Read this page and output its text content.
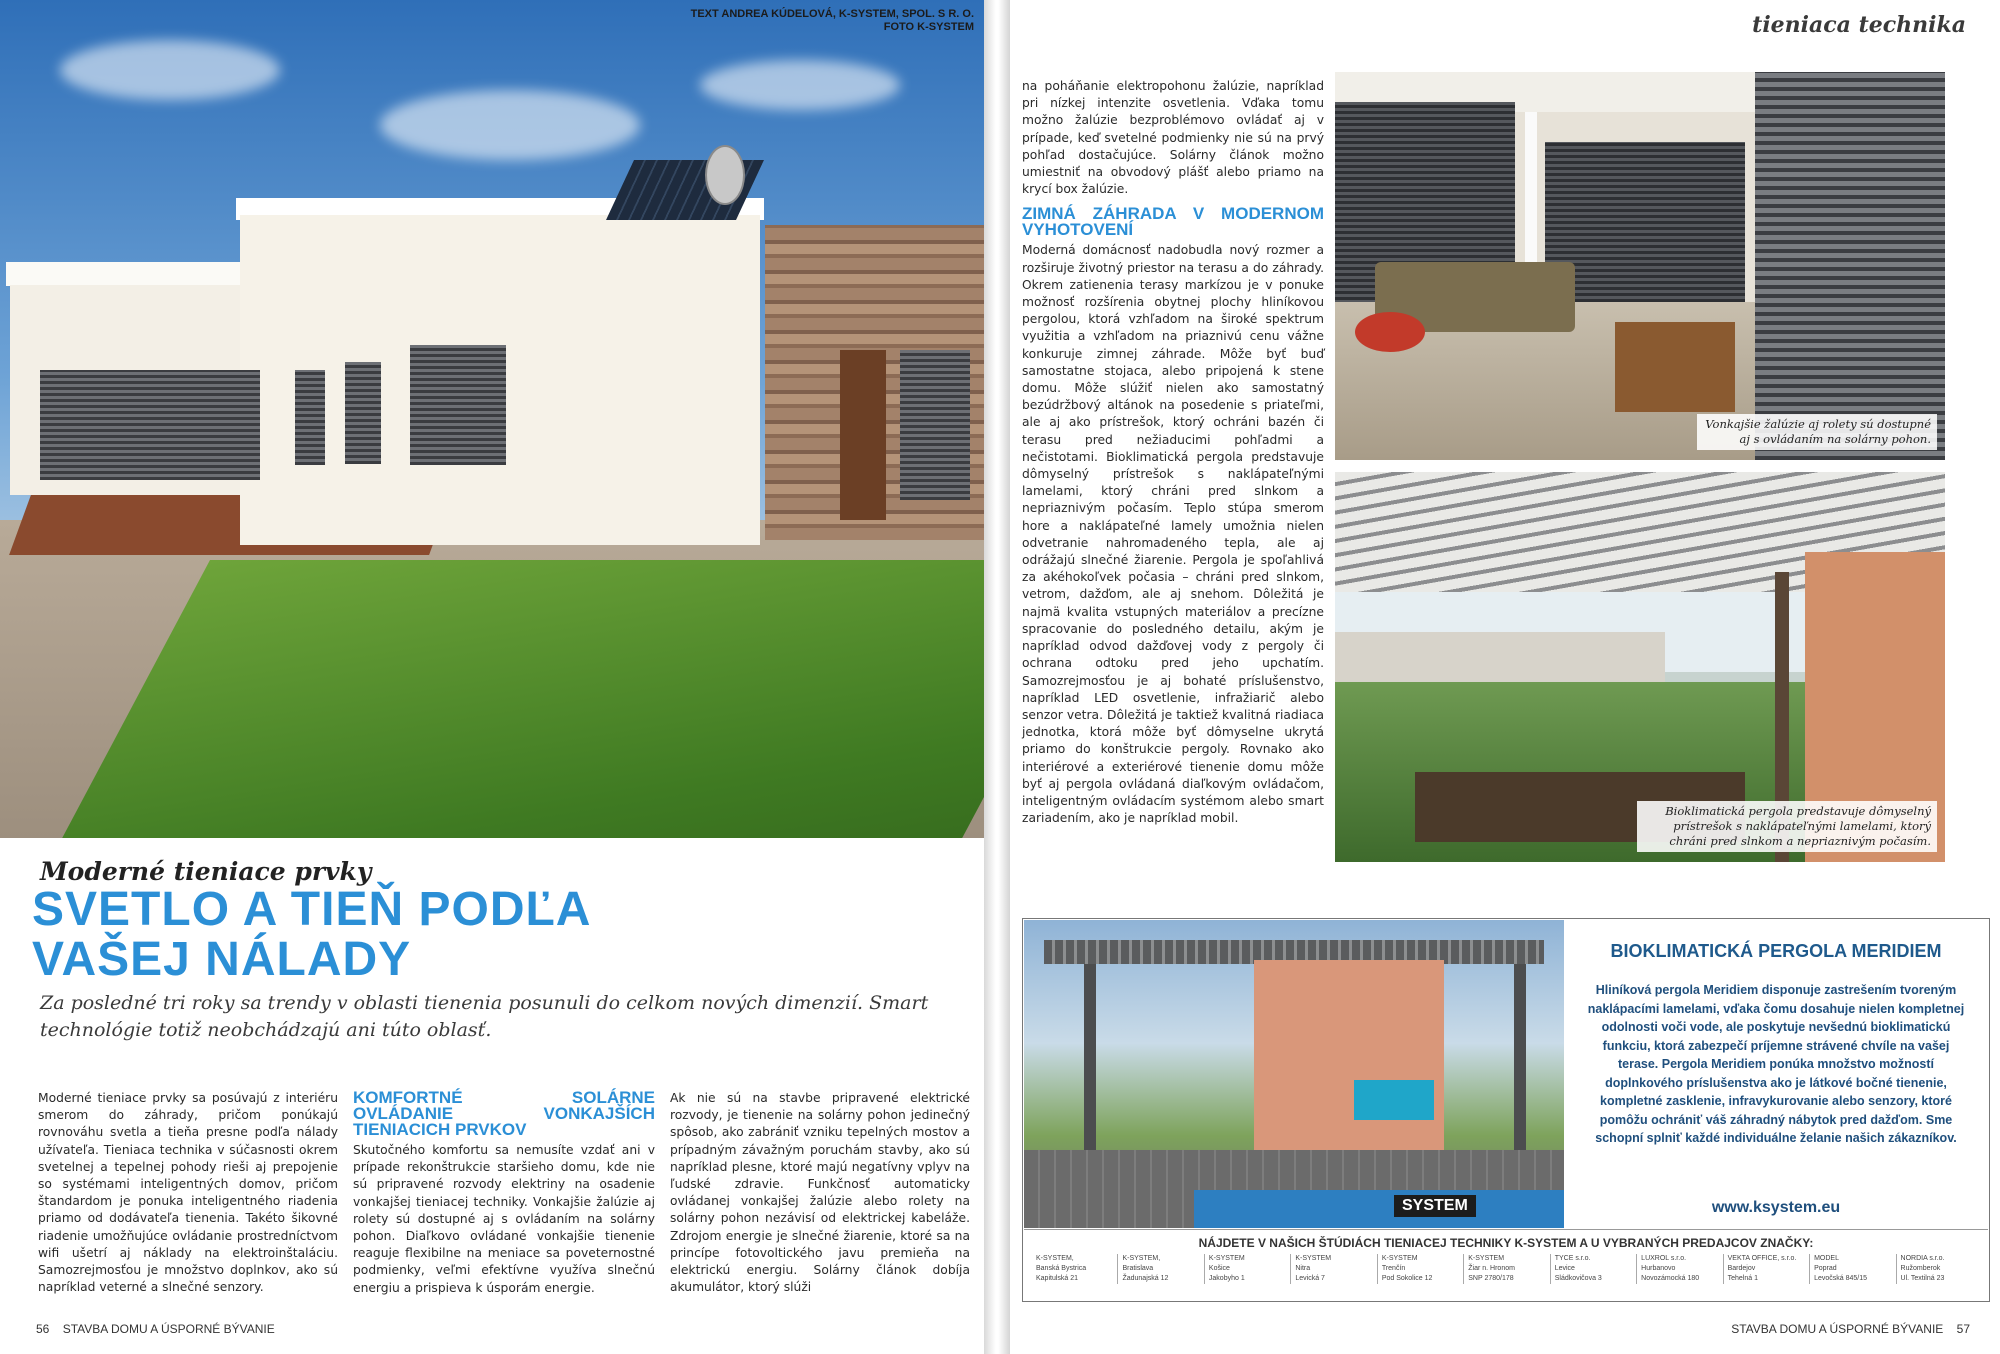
TEXT ANDREA KÚDELOVÁ, K-SYSTEM, SPOL. S R. O.
FOTO K-SYSTEM
Moderné tieniace prvky
SVETLO A TIEŇ PODĽA
VAŠEJ NÁLADY
Za posledné tri roky sa trendy v oblasti tienenia posunuli do celkom nových dimenzií. Smart technológie totiž neobchádzajú ani túto oblasť.

Moderné tieniace prvky sa posúvajú z interiéru smerom do záhrady, pričom ponúkajú rovnováhu svetla a tieňa presne podľa nálady užívateľa. Tieniaca technika v súčasnosti okrem svetelnej a tepelnej pohody rieši aj prepojenie so systémami inteligentných domov, pričom štandardom je ponuka inteligentného riadenia priamo od dodávateľa tienenia. Takéto šikovné riadenie umožňujúce ovládanie prostredníctvom wifi ušetrí aj náklady na elektroinštaláciu. Samozrejmosťou je množstvo doplnkov, ako sú napríklad veterné a slnečné senzory.

KOMFORTNÉ SOLÁRNE OVLÁDANIE VONKAJŠÍCH TIENIACICH PRVKOV

Skutočného komfortu sa nemusíte vzdať ani v prípade rekonštrukcie staršieho domu, kde nie sú pripravené rozvody elektriny na osadenie vonkajšej tieniacej techniky. Vonkajšie žalúzie aj rolety sú dostupné aj s ovládaním na solárny pohon. Diaľkovo ovládané vonkajšie tienenie reaguje flexibilne na meniace sa poveternostné podmienky, veľmi efektívne využíva slnečnú energiu a prispieva k úsporám energie.

Ak nie sú na stavbe pripravené elektrické rozvody, je tienenie na solárny pohon jedinečný spôsob, ako zabrániť vzniku tepelných mostov a prípadným závažným poruchám stavby, ako sú napríklad plesne, ktoré majú negatívny vplyv na ľudské zdravie. Funkčnosť automaticky ovládanej vonkajšej žalúzie alebo rolety na solárny pohon nezávisí od elektrickej kabeláže. Zdrojom energie je slnečné žiarenie, ktoré sa na princípe fotovoltického javu premieňa na elektrickú energiu. Solárny článok dobíja akumulátor, ktorý slúži

56 STAVBA DOMU A ÚSPORNÉ BÝVANIE
tieniaca technika

na poháňanie elektropohonu žalúzie, napríklad pri nízkej intenzite osvetlenia. Vďaka tomu možno žalúzie bezproblémovo ovládať aj v prípade, keď svetelné podmienky nie sú na prvý pohľad dostačujúce. Solárny článok možno umiestniť na obvodový plášť alebo priamo na krycí box žalúzie.

ZIMNÁ ZÁHRADA V MODERNOM VYHOTOVENÍ

Moderná domácnosť nadobudla nový rozmer a rozširuje životný priestor na terasu a do záhrady. Okrem zatienenia terasy markízou je v ponuke možnosť rozšírenia obytnej plochy hliníkovou pergolou, ktorá vzhľadom na široké spektrum využitia a vzhľadom na priaznivú cenu vážne konkuruje zimnej záhrade. Môže byť buď samostatne stojaca, alebo pripojená k stene domu. Môže slúžiť nielen ako samostatný bezúdržbový altánok na posedenie s priateľmi, ale aj ako prístrešok, ktorý ochráni bazén či terasu pred nežiaducimi pohľadmi a nečistotami. Bioklimatická pergola predstavuje dômyselný prístrešok s naklápateľnými lamelami, ktorý chráni pred slnkom a nepriaznivým počasím. Teplo stúpa smerom hore a naklápateľné lamely umožnia nielen odvetranie nahromadeného tepla, ale aj odrážajú slnečné žiarenie. Pergola je spoľahlivá za akéhokoľvek počasia – chráni pred slnkom, vetrom, dažďom, ale aj snehom. Dôležitá je najmä kvalita vstupných materiálov a precízne spracovanie do posledného detailu, akým je napríklad odvod dažďovej vody z pergoly či ochrana odtoku pred jeho upchatím. Samozrejmosťou je aj bohaté príslušenstvo, napríklad LED osvetlenie, infražiarič alebo senzor vetra. Dôležitá je taktiež kvalitná riadiaca jednotka, ktorá môže byť dômyselne ukrytá priamo do konštrukcie pergoly. Rovnako ako interiérové a exteriérové tienenie domu môže byť aj pergola ovládaná diaľkovým ovládačom, inteligentným ovládacím systémom alebo smart zariadením, ako je napríklad mobil.

Vonkajšie žalúzie aj rolety sú dostupné aj s ovládaním na solárny pohon.
Bioklimatická pergola predstavuje dômyselný prístrešok s naklápateľnými lamelami, ktorý chráni pred slnkom a nepriaznivým počasím.
SYSTEM
BIOKLIMATICKÁ PERGOLA MERIDIEM
Hliníková pergola Meridiem disponuje zastrešením tvoreným naklápacími lamelami, vďaka čomu dosahuje nielen kompletnej odolnosti voči vode, ale poskytuje nevšednú bioklimatickú funkciu, ktorá zabezpečí príjemne strávené chvíle na vašej terase. Pergola Meridiem ponúka množstvo možností doplnkového príslušenstva ako je látkové bočné tienenie, kompletné zasklenie, infravykurovanie alebo senzory, ktoré pomôžu ochrániť váš záhradný nábytok pred dažďom. Sme schopní splniť každé individuálne želanie našich zákazníkov.
www.ksystem.eu
NÁJDETE V NAŠICH ŠTÚDIÁCH TIENIACEJ TECHNIKY K-SYSTEM A U VYBRANÝCH PREDAJCOV ZNAČKY:
K-SYSTEM,
Banská Bystrica
Kapitulská 21
K-SYSTEM,
Bratislava
Žadunajská 12
K-SYSTEM
Košice
Jakobyho 1
K-SYSTEM
Nitra
Levická 7
K-SYSTEM
Trenčín
Pod Sokolice 12
K-SYSTEM
Žiar n. Hronom
SNP 2780/178
TYCE s.r.o.
Levice
Sládkovičova 3
LUXROL s.r.o.
Hurbanovo
Novozámocká 180
VEKTA OFFICE, s.r.o.
Bardejov
Tehelná 1
MODEL
Poprad
Levočská 845/15
NORDIA s.r.o.
Ružomberok
Ul. Textilná 23
STAVBA DOMU A ÚSPORNÉ BÝVANIE 57
